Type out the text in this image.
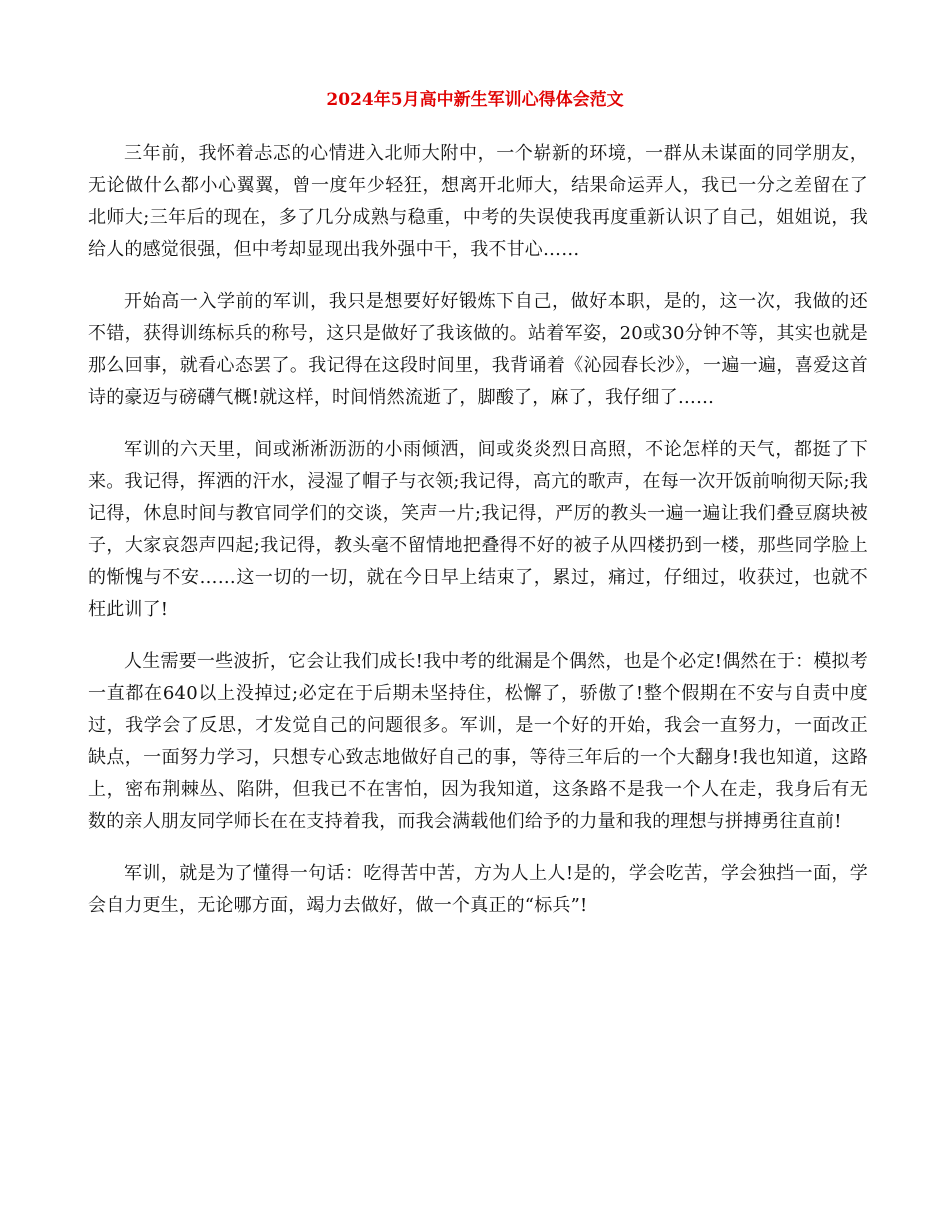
2024年5月高中新生军训心得体会范文

三年前，我怀着忐忑的心情进入北师大附中，一个崭新的环境，一群从未谋面的同学朋友，无论做什么都小心翼翼，曾一度年少轻狂，想离开北师大，结果命运弄人，我已一分之差留在了北师大;三年后的现在，多了几分成熟与稳重，中考的失误使我再度重新认识了自己，姐姐说，我给人的感觉很强，但中考却显现出我外强中干，我不甘心……

开始高一入学前的军训，我只是想要好好锻炼下自己，做好本职，是的，这一次，我做的还不错，获得训练标兵的称号，这只是做好了我该做的。站着军姿，20或30分钟不等，其实也就是那么回事，就看心态罢了。我记得在这段时间里，我背诵着《沁园春长沙》，一遍一遍，喜爱这首诗的豪迈与磅礴气概!就这样，时间悄然流逝了，脚酸了，麻了，我仔细了……

军训的六天里，间或淅淅沥沥的小雨倾洒，间或炎炎烈日高照，不论怎样的天气，都挺了下来。我记得，挥洒的汗水，浸湿了帽子与衣领;我记得，高亢的歌声，在每一次开饭前响彻天际;我记得，休息时间与教官同学们的交谈，笑声一片;我记得，严厉的教头一遍一遍让我们叠豆腐块被子，大家哀怨声四起;我记得，教头毫不留情地把叠得不好的被子从四楼扔到一楼，那些同学脸上的惭愧与不安……这一切的一切，就在今日早上结束了，累过，痛过，仔细过，收获过，也就不枉此训了!

人生需要一些波折，它会让我们成长!我中考的纰漏是个偶然，也是个必定!偶然在于：模拟考一直都在640以上没掉过;必定在于后期未坚持住，松懈了，骄傲了!整个假期在不安与自责中度过，我学会了反思，才发觉自己的问题很多。军训，是一个好的开始，我会一直努力，一面改正缺点，一面努力学习，只想专心致志地做好自己的事，等待三年后的一个大翻身!我也知道，这路上，密布荆棘丛、陷阱，但我已不在害怕，因为我知道，这条路不是我一个人在走，我身后有无数的亲人朋友同学师长在在支持着我，而我会满载他们给予的力量和我的理想与拼搏勇往直前!

军训，就是为了懂得一句话：吃得苦中苦，方为人上人!是的，学会吃苦，学会独挡一面，学会自力更生，无论哪方面，竭力去做好，做一个真正的“标兵”!
